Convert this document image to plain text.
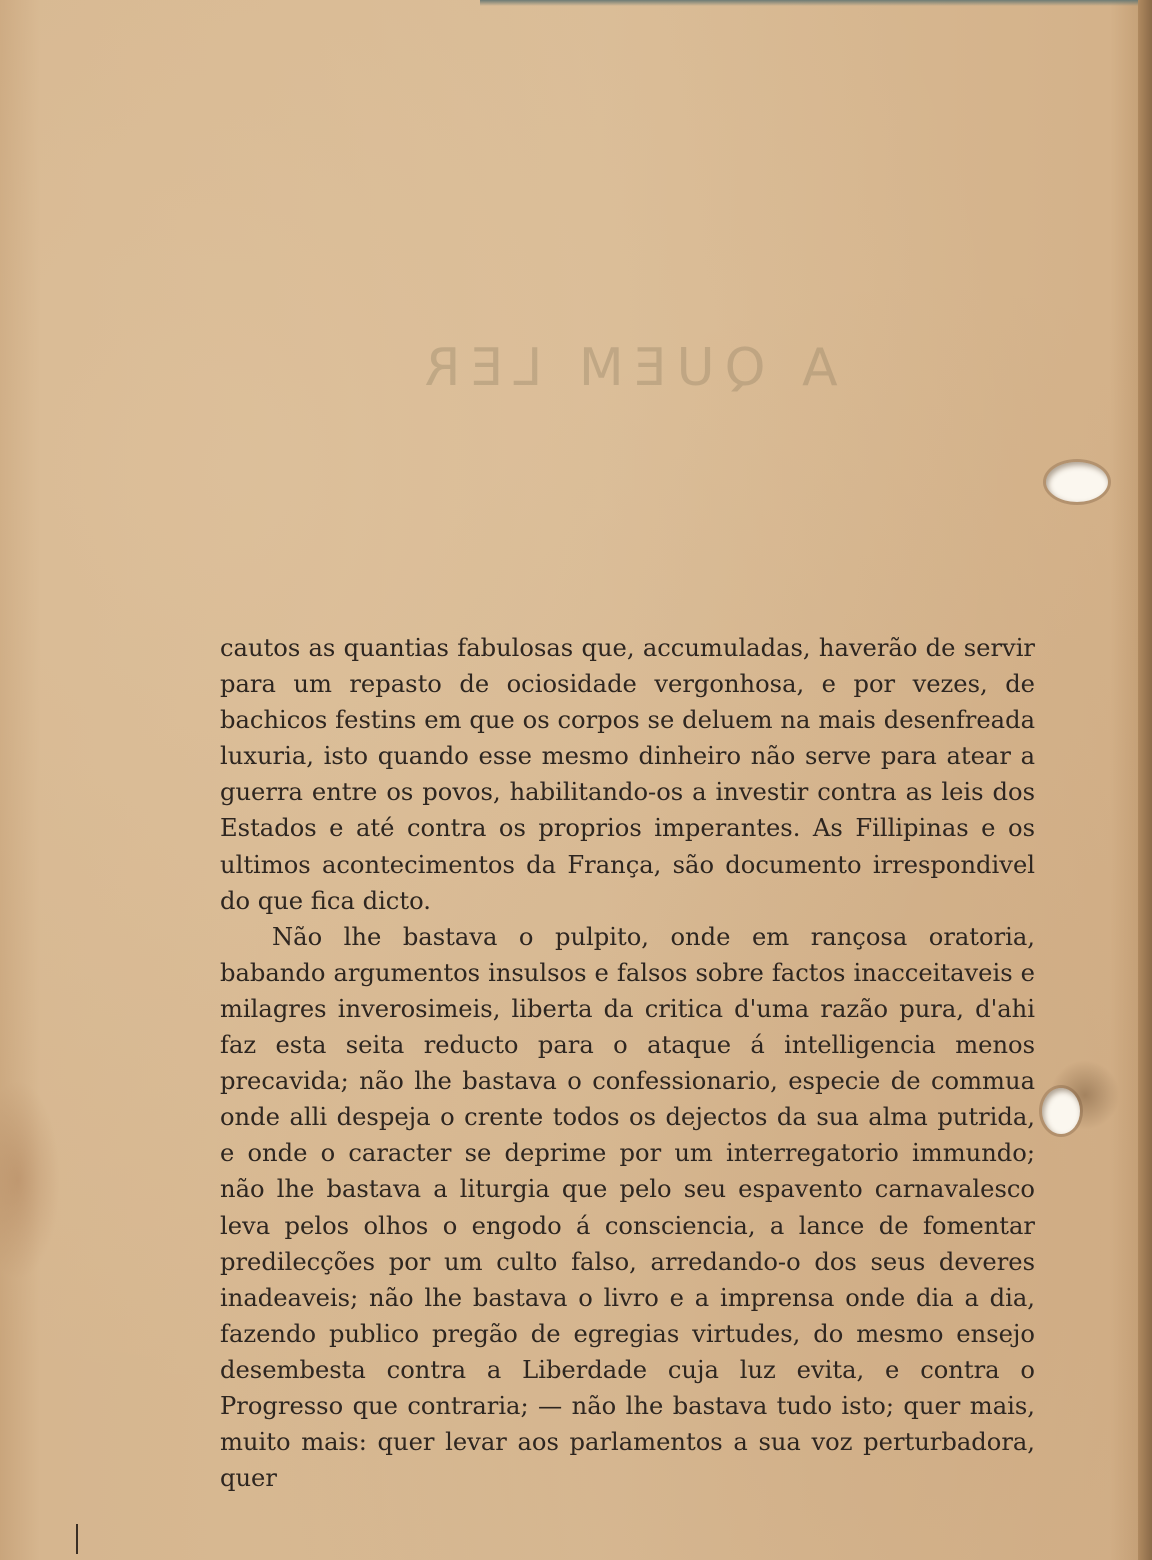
A QUEM LER

cautos as quantias fabulosas que, accumuladas, haverão de servir para um repasto de ociosidade vergonhosa, e por vezes, de bachicos festins em que os corpos se deluem na mais desenfreada luxuria, isto quando esse mesmo dinheiro não serve para atear a guerra entre os povos, habilitando-os a investir contra as leis dos Estados e até contra os proprios imperantes. As Fillipinas e os ultimos acontecimentos da França, são documento irrespondivel do que fica dicto.

Não lhe bastava o pulpito, onde em rançosa oratoria, babando argumentos insulsos e falsos sobre factos inacceitaveis e milagres inverosimeis, liberta da critica d'uma razão pura, d'ahi faz esta seita reducto para o ataque á intelligencia menos precavida; não lhe bastava o confessionario, especie de commua onde alli despeja o crente todos os dejectos da sua alma putrida, e onde o caracter se deprime por um interregatorio immundo; não lhe bastava a liturgia que pelo seu espavento carnavalesco leva pelos olhos o engodo á consciencia, a lance de fomentar predilecções por um culto falso, arredando-o dos seus deveres inadeaveis; não lhe bastava o livro e a imprensa onde dia a dia, fazendo publico pregão de egregias virtudes, do mesmo ensejo desembesta contra a Liberdade cuja luz evita, e contra o Progresso que contraria; — não lhe bastava tudo isto; quer mais, muito mais: quer levar aos parlamentos a sua voz perturbadora, quer
